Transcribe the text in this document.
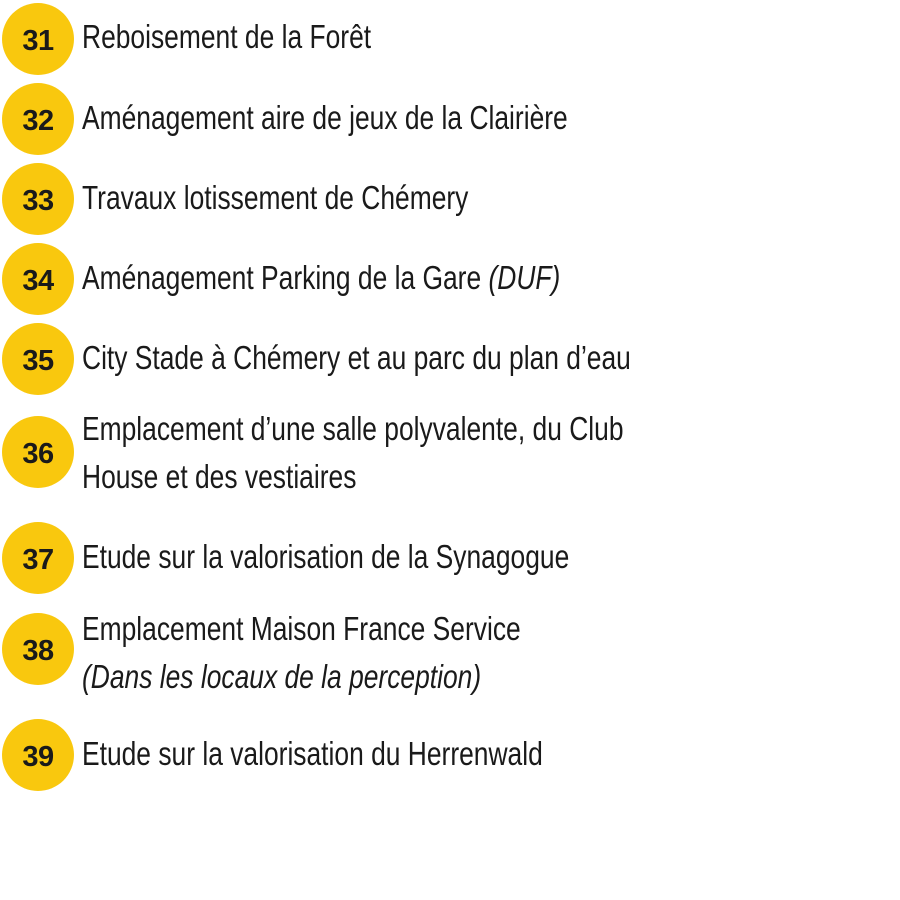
31 Reboisement de la Forêt
32 Aménagement aire de jeux de la Clairière
33 Travaux lotissement de Chémery
34 Aménagement Parking de la Gare (DUF)
35 City Stade à Chémery et au parc du plan d’eau
36
Emplacement d’une salle polyvalente, du Club
House et des vestiaires
37 Etude sur la valorisation de la Synagogue
38
Emplacement Maison France Service
(Dans les locaux de la perception)
39 Etude sur la valorisation du Herrenwald
